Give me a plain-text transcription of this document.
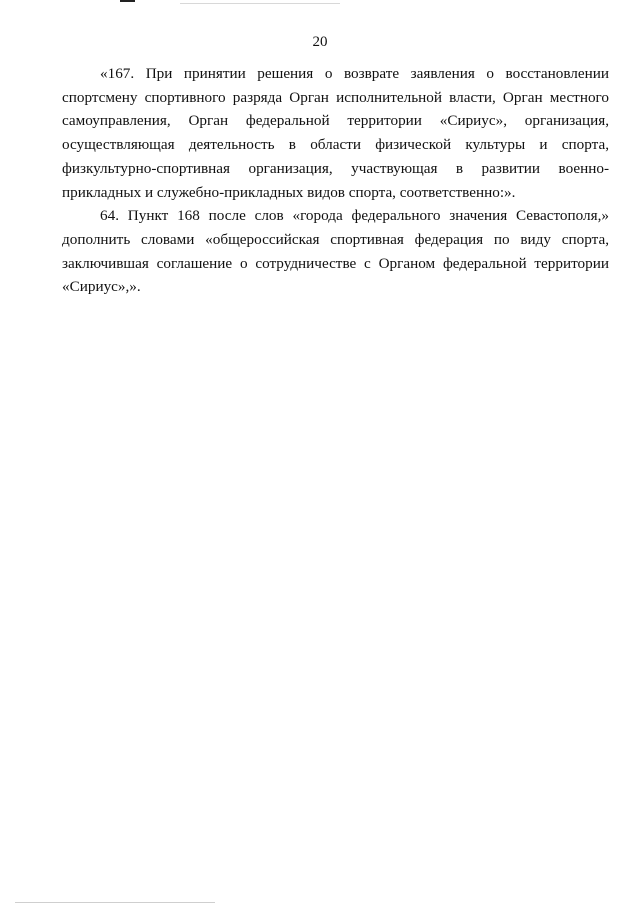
20

«167. При принятии решения о возврате заявления о восстановлении спортсмену спортивного разряда Орган исполнительной власти, Орган местного самоуправления, Орган федеральной территории «Сириус», организация, осуществляющая деятельность в области физической культуры и спорта, физкультурно-спортивная организация, участвующая в развитии военно-прикладных и служебно-прикладных видов спорта, соответственно:».

64. Пункт 168 после слов «города федерального значения Севастополя,» дополнить словами «общероссийская спортивная федерация по виду спорта, заключившая соглашение о сотрудничестве с Органом федеральной территории «Сириус»,».
